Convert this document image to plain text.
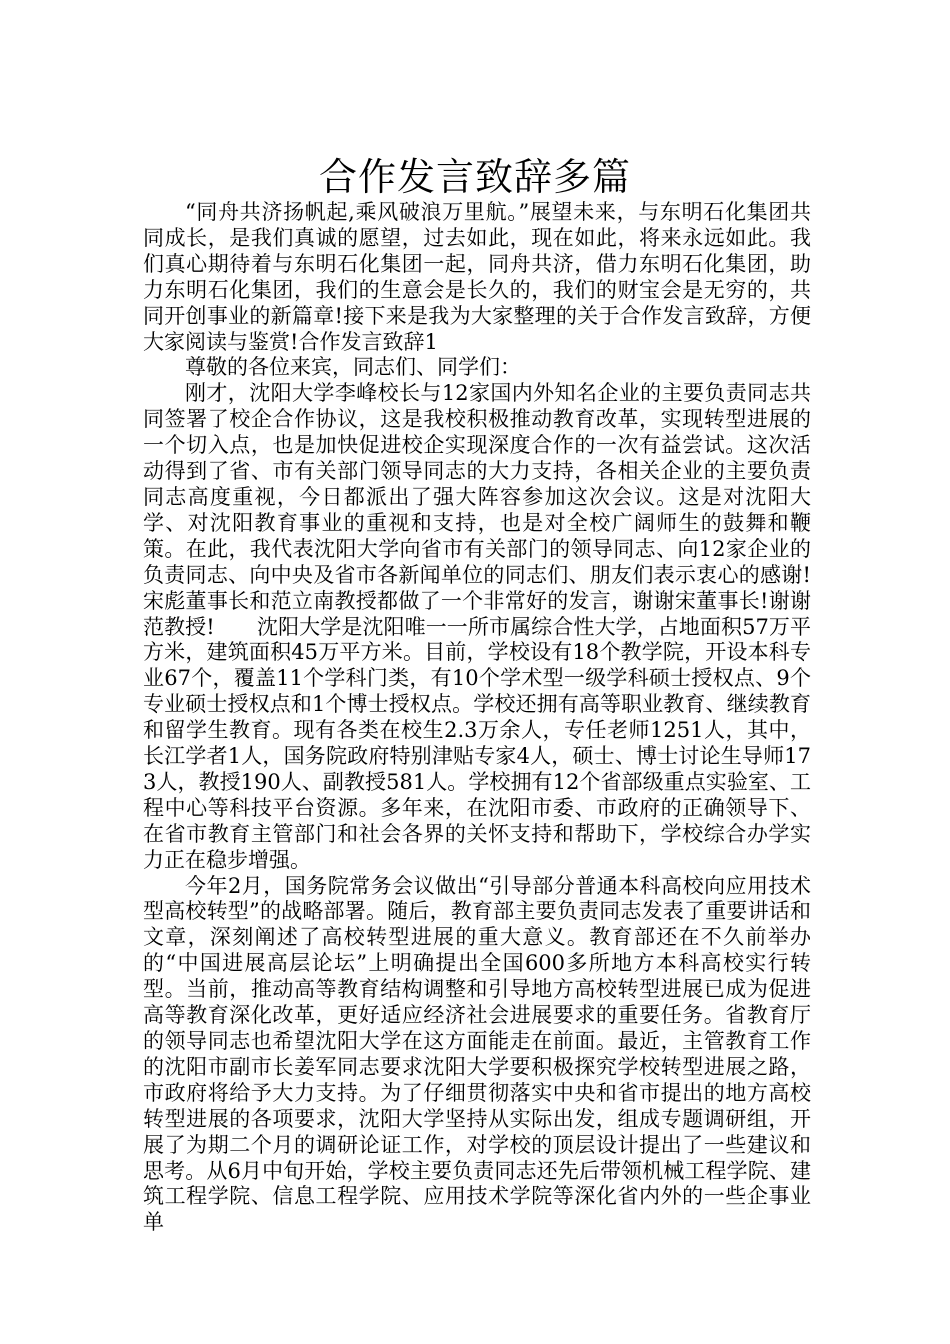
合作发言致辞多篇

“同舟共济扬帆起,乘风破浪万里航。”展望未来，与东明石化集团共同成长，是我们真诚的愿望，过去如此，现在如此，将来永远如此。我们真心期待着与东明石化集团一起，同舟共济，借力东明石化集团，助力东明石化集团，我们的生意会是长久的，我们的财宝会是无穷的，共同开创事业的新篇章!接下来是我为大家整理的关于合作发言致辞，方便大家阅读与鉴赏!合作发言致辞1

尊敬的各位来宾，同志们、同学们：

刚才，沈阳大学李峰校长与12家国内外知名企业的主要负责同志共同签署了校企合作协议，这是我校积极推动教育改革，实现转型进展的一个切入点，也是加快促进校企实现深度合作的一次有益尝试。这次活动得到了省、市有关部门领导同志的大力支持，各相关企业的主要负责同志高度重视，今日都派出了强大阵容参加这次会议。这是对沈阳大学、对沈阳教育事业的重视和支持，也是对全校广阔师生的鼓舞和鞭策。在此，我代表沈阳大学向省市有关部门的领导同志、向12家企业的负责同志、向中央及省市各新闻单位的同志们、朋友们表示衷心的感谢!宋彪董事长和范立南教授都做了一个非常好的发言，谢谢宋董事长!谢谢范教授!　　沈阳大学是沈阳唯一一所市属综合性大学，占地面积57万平方米，建筑面积45万平方米。目前，学校设有18个教学院，开设本科专业67个，覆盖11个学科门类，有10个学术型一级学科硕士授权点、9个专业硕士授权点和1个博士授权点。学校还拥有高等职业教育、继续教育和留学生教育。现有各类在校生2.3万余人，专任老师1251人，其中，长江学者1人，国务院政府特别津贴专家4人，硕士、博士讨论生导师173人，教授190人、副教授581人。学校拥有12个省部级重点实验室、工程中心等科技平台资源。多年来，在沈阳市委、市政府的正确领导下、在省市教育主管部门和社会各界的关怀支持和帮助下，学校综合办学实力正在稳步增强。

今年2月，国务院常务会议做出“引导部分普通本科高校向应用技术型高校转型”的战略部署。随后，教育部主要负责同志发表了重要讲话和文章，深刻阐述了高校转型进展的重大意义。教育部还在不久前举办的“中国进展高层论坛”上明确提出全国600多所地方本科高校实行转型。当前，推动高等教育结构调整和引导地方高校转型进展已成为促进高等教育深化改革，更好适应经济社会进展要求的重要任务。省教育厅的领导同志也希望沈阳大学在这方面能走在前面。最近，主管教育工作的沈阳市副市长姜军同志要求沈阳大学要积极探究学校转型进展之路，市政府将给予大力支持。为了仔细贯彻落实中央和省市提出的地方高校转型进展的各项要求，沈阳大学坚持从实际出发，组成专题调研组，开展了为期二个月的调研论证工作，对学校的顶层设计提出了一些建议和思考。从6月中旬开始，学校主要负责同志还先后带领机械工程学院、建筑工程学院、信息工程学院、应用技术学院等深化省内外的一些企事业单
